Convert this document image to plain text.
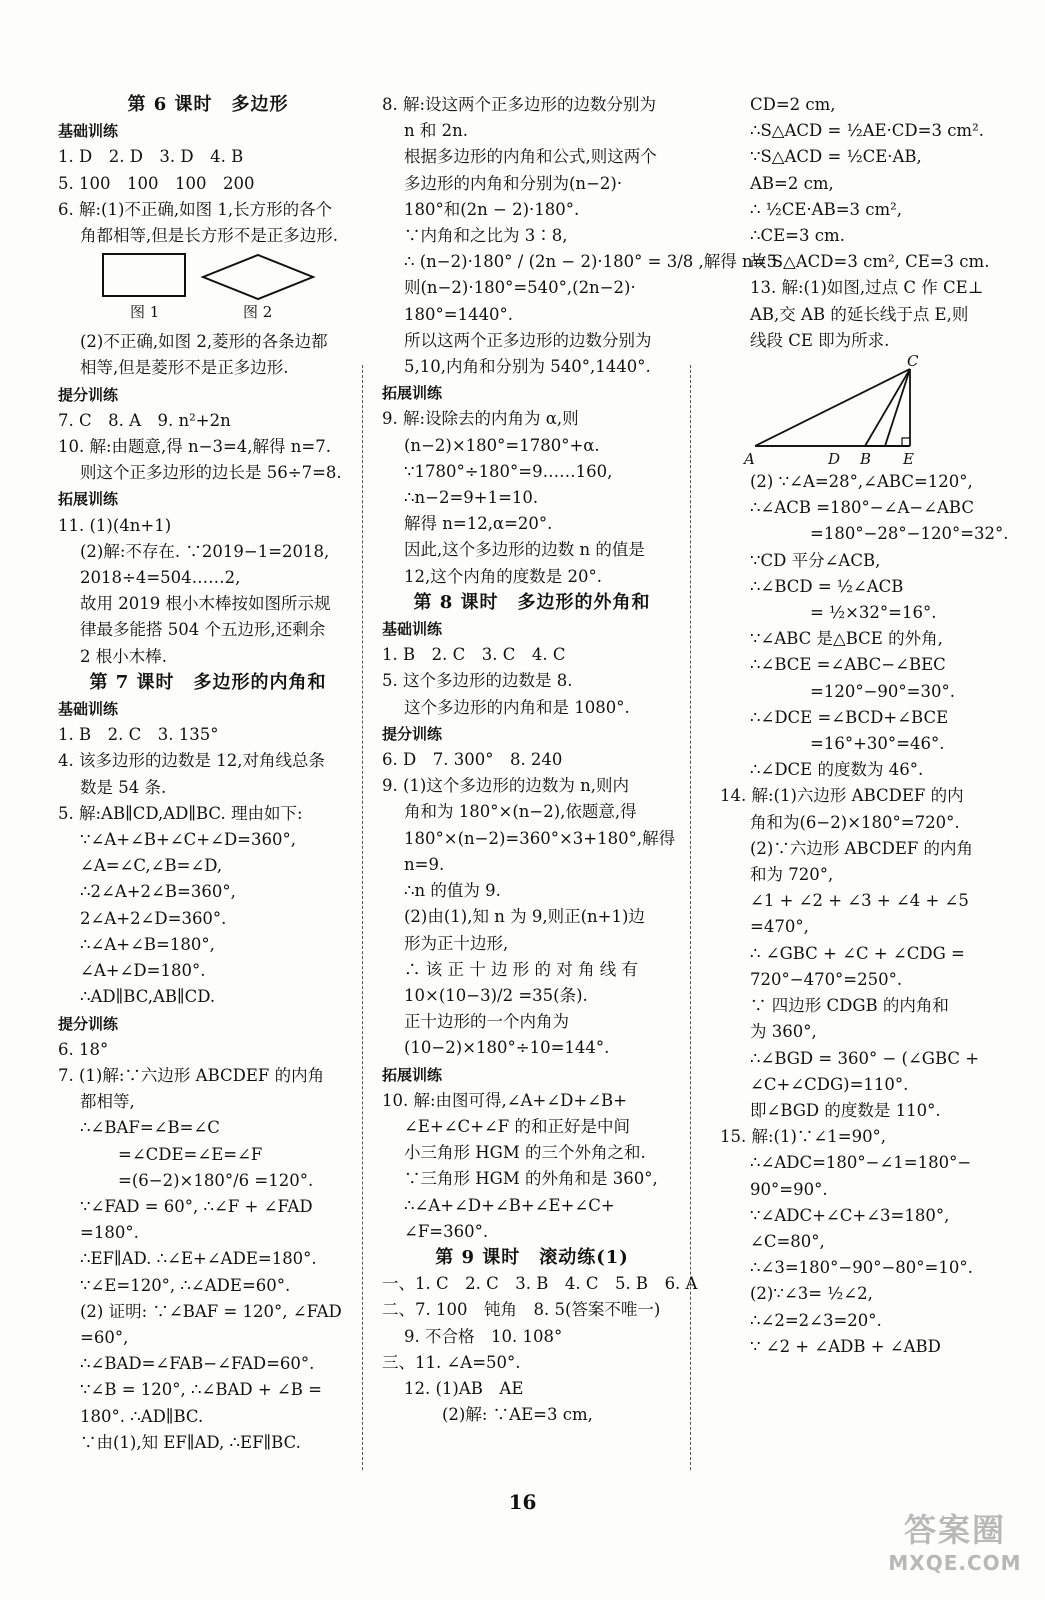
第 6 课时　多边形
基础训练
1. D　2. D　3. D　4. B
5. 100　100　100　200
6. 解:(1)不正确,如图 1,长方形的各个
角都相等,但是长方形不是正多边形.
图 1	图 2
(2)不正确,如图 2,菱形的各条边都
相等,但是菱形不是正多边形.
提分训练
7. C　8. A　9. n²+2n
10. 解:由题意,得 n−3=4,解得 n=7.
则这个正多边形的边长是 56÷7=8.
拓展训练
11. (1)(4n+1)
(2)解:不存在. ∵2019−1=2018,
2018÷4=504……2,
故用 2019 根小木棒按如图所示规
律最多能搭 504 个五边形,还剩余
2 根小木棒.
第 7 课时　多边形的内角和
基础训练
1. B　2. C　3. 135°
4. 该多边形的边数是 12,对角线总条
数是 54 条.
5. 解:AB∥CD,AD∥BC. 理由如下:
∵∠A+∠B+∠C+∠D=360°,
∠A=∠C,∠B=∠D,
∴2∠A+2∠B=360°,
2∠A+2∠D=360°.
∴∠A+∠B=180°,
∠A+∠D=180°.
∴AD∥BC,AB∥CD.
提分训练
6. 18°
7. (1)解:∵六边形 ABCDEF 的内角
都相等,
∴∠BAF=∠B=∠C
=∠CDE=∠E=∠F
=(6−2)×180°/6 =120°.
∵∠FAD = 60°, ∴∠F + ∠FAD
=180°.
∴EF∥AD. ∴∠E+∠ADE=180°.
∵∠E=120°, ∴∠ADE=60°.
(2) 证明: ∵∠BAF = 120°, ∠FAD
=60°,
∴∠BAD=∠FAB−∠FAD=60°.
∵∠B = 120°, ∴∠BAD + ∠B =
180°. ∴AD∥BC.
∵由(1),知 EF∥AD, ∴EF∥BC.
8. 解:设这两个正多边形的边数分别为
n 和 2n.
根据多边形的内角和公式,则这两个
多边形的内角和分别为(n−2)·
180°和(2n − 2)·180°.
∵内角和之比为 3∶8,
∴ (n−2)·180° / (2n − 2)·180° = 3/8 ,解得 n=5.
则(n−2)·180°=540°,(2n−2)·
180°=1440°.
所以这两个正多边形的边数分别为
5,10,内角和分别为 540°,1440°.
拓展训练
9. 解:设除去的内角为 α,则
(n−2)×180°=1780°+α.
∵1780°÷180°=9……160,
∴n−2=9+1=10.
解得 n=12,α=20°.
因此,这个多边形的边数 n 的值是
12,这个内角的度数是 20°.
第 8 课时　多边形的外角和
基础训练
1. B　2. C　3. C　4. C
5. 这个多边形的边数是 8.
这个多边形的内角和是 1080°.
提分训练
6. D　7. 300°　8. 240
9. (1)这个多边形的边数为 n,则内
角和为 180°×(n−2),依题意,得
180°×(n−2)=360°×3+180°,解得
n=9.
∴n 的值为 9.
(2)由(1),知 n 为 9,则正(n+1)边
形为正十边形,
∴ 该 正 十 边 形 的 对 角 线 有
10×(10−3)/2 =35(条).
正十边形的一个内角为
(10−2)×180°÷10=144°.
拓展训练
10. 解:由图可得,∠A+∠D+∠B+
∠E+∠C+∠F 的和正好是中间
小三角形 HGM 的三个外角之和.
∵三角形 HGM 的外角和是 360°,
∴∠A+∠D+∠B+∠E+∠C+
∠F=360°.
第 9 课时　滚动练(1)
一、1. C　2. C　3. B　4. C　5. B　6. A
二、7. 100　钝角　8. 5(答案不唯一)
9. 不合格　10. 108°
三、11. ∠A=50°.
12. (1)AB　AE
(2)解: ∵AE=3 cm,
CD=2 cm,
∴S△ACD = ½AE·CD=3 cm².
∵S△ACD = ½CE·AB,
AB=2 cm,
∴ ½CE·AB=3 cm²,
∴CE=3 cm.
故 S△ACD=3 cm², CE=3 cm.
13. 解:(1)如图,过点 C 作 CE⊥
AB,交 AB 的延长线于点 E,则
线段 CE 即为所求.
C
A	D B E
(2) ∵∠A=28°,∠ABC=120°,
∴∠ACB =180°−∠A−∠ABC
=180°−28°−120°=32°.
∵CD 平分∠ACB,
∴∠BCD = ½∠ACB
= ½×32°=16°.
∵∠ABC 是△BCE 的外角,
∴∠BCE =∠ABC−∠BEC
=120°−90°=30°.
∴∠DCE =∠BCD+∠BCE
=16°+30°=46°.
∴∠DCE 的度数为 46°.
14. 解:(1)六边形 ABCDEF 的内
角和为(6−2)×180°=720°.
(2)∵六边形 ABCDEF 的内角
和为 720°,
∠1 + ∠2 + ∠3 + ∠4 + ∠5
=470°,
∴ ∠GBC + ∠C + ∠CDG =
720°−470°=250°.
∵ 四边形 CDGB 的内角和
为 360°,
∴∠BGD = 360° − (∠GBC +
∠C+∠CDG)=110°.
即∠BGD 的度数是 110°.
15. 解:(1)∵∠1=90°,
∴∠ADC=180°−∠1=180°−
90°=90°.
∵∠ADC+∠C+∠3=180°,
∠C=80°,
∴∠3=180°−90°−80°=10°.
(2)∵∠3= ½∠2,
∴∠2=2∠3=20°.
∵ ∠2 + ∠ADB + ∠ABD
16
答案圈
MXQE.COM
